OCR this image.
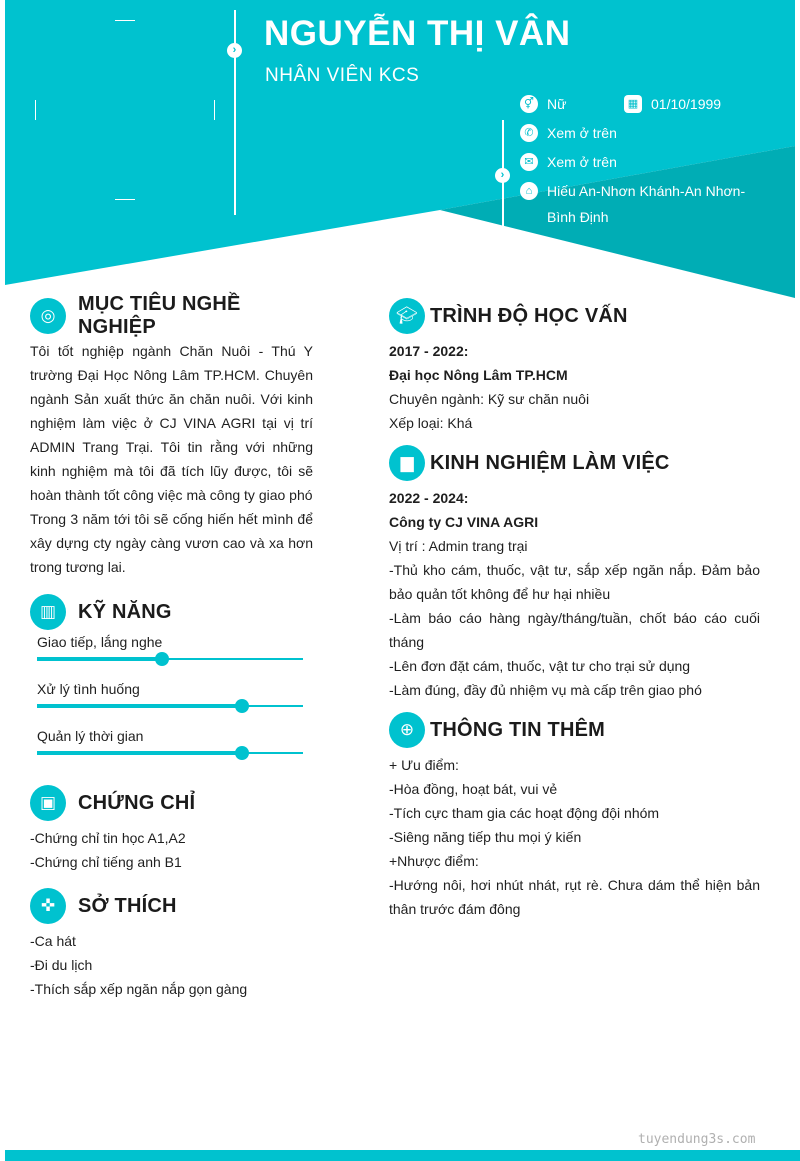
› NGUYỄN THỊ VÂN
NHÂN VIÊN KCS
›
⚥ Nữ	▦ 01/10/1999
✆ Xem ở trên
✉ Xem ở trên
⌂	Hiếu An-Nhơn Khánh-An Nhơn-Bình Định
◎
MỤC TIÊU NGHỀ NGHIỆP

Tôi tốt nghiệp ngành Chăn Nuôi - Thú Y trường Đại Học Nông Lâm TP.HCM. Chuyên ngành Sản xuất thức ăn chăn nuôi. Với kinh nghiệm làm việc ở CJ VINA AGRI tại vị trí ADMIN Trang Trại. Tôi tin rằng với những kinh nghiệm mà tôi đã tích lũy được, tôi sẽ hoàn thành tốt công việc mà công ty giao phó

Trong 3 năm tới tôi sẽ cống hiến hết mình để xây dựng cty ngày càng vươn cao và xa hơn trong tương lai.

▥	KỸ NĂNG
Giao tiếp, lắng nghe
Xử lý tình huống
Quản lý thời gian
▣	CHỨNG CHỈ
-Chứng chỉ tin học A1,A2
-Chứng chỉ tiếng anh B1
✜	SỞ THÍCH
-Ca hát
-Đi du lịch
-Thích sắp xếp ngăn nắp gọn gàng
🎓︎ TRÌNH ĐỘ HỌC VẤN
2017 - 2022:
Đại học Nông Lâm TP.HCM
Chuyên ngành: Kỹ sư chăn nuôi
Xếp loại: Khá
▆ KINH NGHIỆM LÀM VIỆC
2022 - 2024:
Công ty CJ VINA AGRI
Vị trí : Admin trang trại

-Thủ kho cám, thuốc, vật tư, sắp xếp ngăn nắp. Đảm bảo bảo quản tốt không để hư hại nhiều

-Làm báo cáo hàng ngày/tháng/tuần, chốt báo cáo cuối tháng

-Lên đơn đặt cám, thuốc, vật tư cho trại sử dụng

-Làm đúng, đầy đủ nhiệm vụ mà cấp trên giao phó

⊕ THÔNG TIN THÊM
+ Ưu điểm:
-Hòa đồng, hoạt bát, vui vẻ
-Tích cực tham gia các hoạt động đội nhóm
-Siêng năng tiếp thu mọi ý kiến
+Nhược điểm:

-Hướng nôi, hơi nhút nhát, rụt rè. Chưa dám thể hiện bản thân trước đám đông

tuyendung3s.com
